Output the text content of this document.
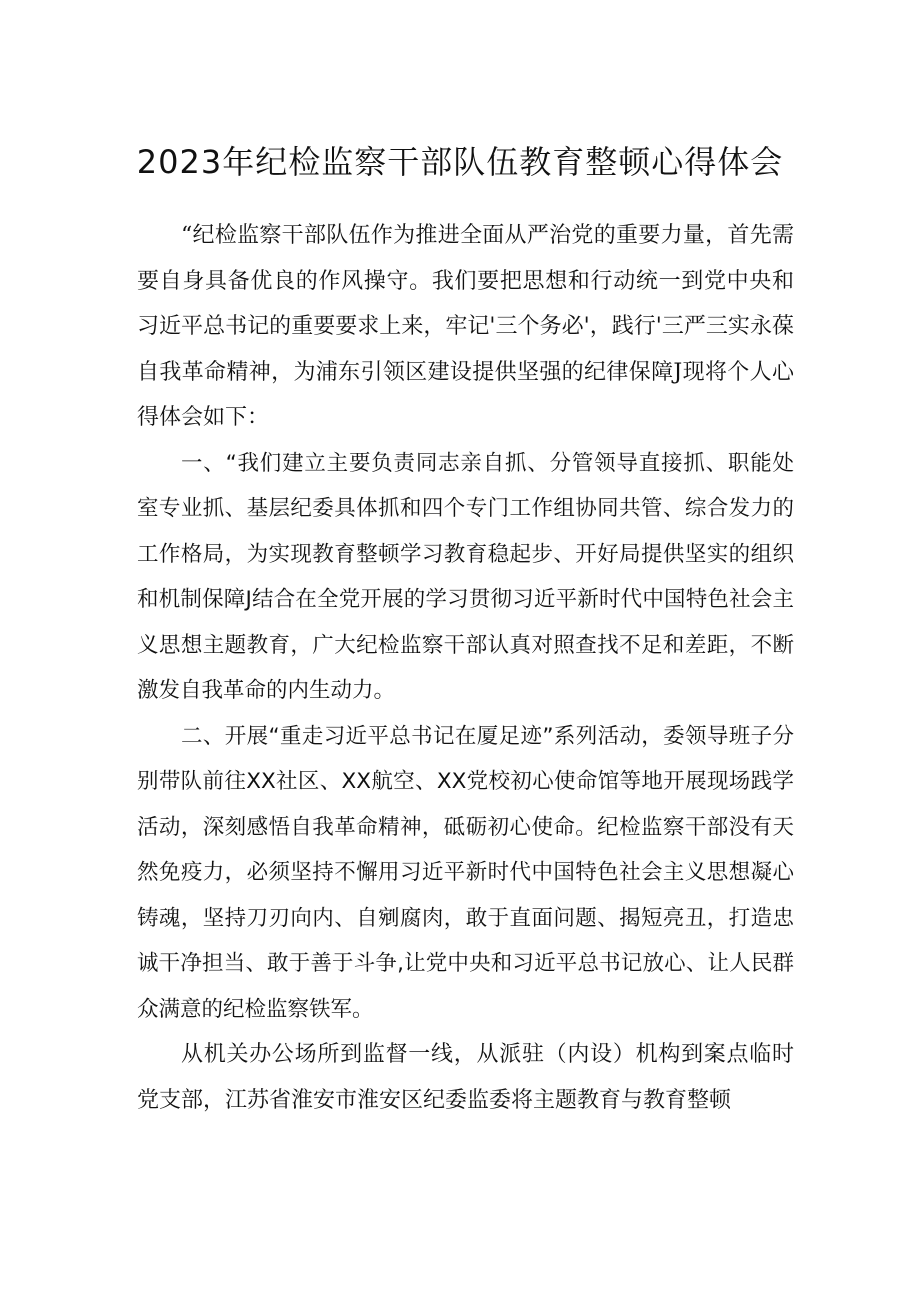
2023年纪检监察干部队伍教育整顿心得体会

“纪检监察干部队伍作为推进全面从严治党的重要力量，首先需要自身具备优良的作风操守。我们要把思想和行动统一到党中央和习近平总书记的重要要求上来，牢记'三个务必'，践行'三严三实永葆自我革命精神，为浦东引领区建设提供坚强的纪律保障J现将个人心得体会如下：

一、“我们建立主要负责同志亲自抓、分管领导直接抓、职能处室专业抓、基层纪委具体抓和四个专门工作组协同共管、综合发力的工作格局，为实现教育整顿学习教育稳起步、开好局提供坚实的组织和机制保障J结合在全党开展的学习贯彻习近平新时代中国特色社会主义思想主题教育，广大纪检监察干部认真对照查找不足和差距，不断激发自我革命的内生动力。

二、开展“重走习近平总书记在厦足迹”系列活动，委领导班子分别带队前往XX社区、XX航空、XX党校初心使命馆等地开展现场践学活动，深刻感悟自我革命精神，砥砺初心使命。纪检监察干部没有天然免疫力，必须坚持不懈用习近平新时代中国特色社会主义思想凝心铸魂，坚持刀刃向内、自剜腐肉，敢于直面问题、揭短亮丑，打造忠诚干净担当、敢于善于斗争,让党中央和习近平总书记放心、让人民群众满意的纪检监察铁军。

从机关办公场所到监督一线，从派驻（内设）机构到案点临时党支部，江苏省淮安市淮安区纪委监委将主题教育与教育整顿
